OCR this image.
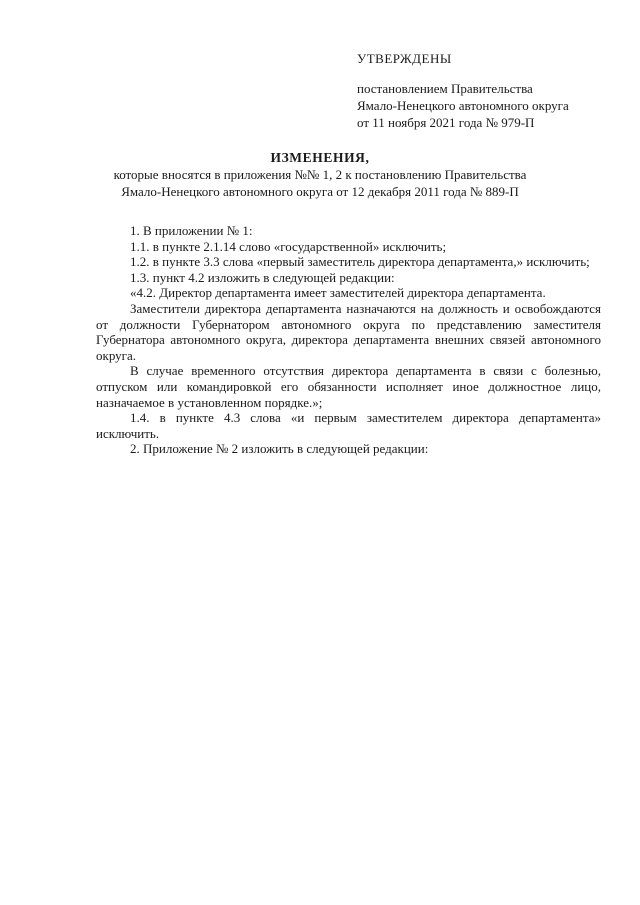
УТВЕРЖДЕНЫ
постановлением Правительства
Ямало-Ненецкого автономного округа
от 11 ноября 2021 года № 979-П
ИЗМЕНЕНИЯ,
которые вносятся в приложения №№ 1, 2 к постановлению Правительства
Ямало-Ненецкого автономного округа от 12 декабря 2011 года № 889-П

1. В приложении № 1:

1.1. в пункте 2.1.14 слово «государственной» исключить;

1.2. в пункте 3.3 слова «первый заместитель директора департамента,» исключить;

1.3. пункт 4.2 изложить в следующей редакции:

«4.2. Директор департамента имеет заместителей директора департамента.

Заместители директора департамента назначаются на должность и освобождаются от должности Губернатором автономного округа по представлению заместителя Губернатора автономного округа, директора департамента внешних связей автономного округа.

В случае временного отсутствия директора департамента в связи с болезнью, отпуском или командировкой его обязанности исполняет иное должностное лицо, назначаемое в установленном порядке.»;

1.4. в пункте 4.3 слова «и первым заместителем директора департамента» исключить.

2. Приложение № 2 изложить в следующей редакции:
